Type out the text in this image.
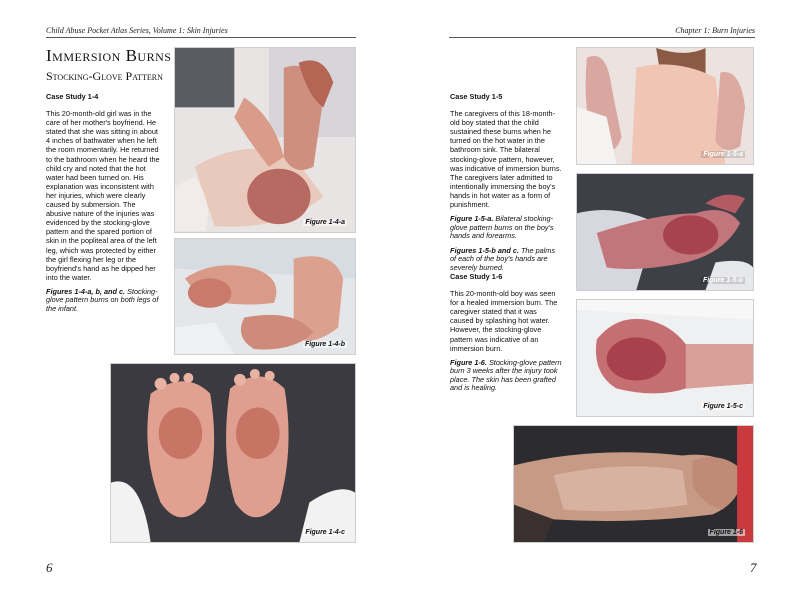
Child Abuse Pocket Atlas Series, Volume 1: Skin Injuries
Immersion Burns
Stocking-Glove Pattern
Case Study 1-4

This 20-month-old girl was in the care of her mother's boyfriend. He stated that she was sitting in about 4 inches of bathwater when he left the room momentarily. He returned to the bathroom when he heard the child cry and noted that the hot water had been turned on. His explanation was inconsistent with her injuries, which were clearly caused by submersion. The abusive nature of the injuries was evidenced by the stocking-glove pattern and the spared portion of skin in the popliteal area of the left leg, which was protected by either the girl flexing her leg or the boyfriend's hand as he dipped her into the water.

Figures 1-4-a, b, and c. Stocking-glove pattern burns on both legs of the infant.
Figure 1-4-a
Figure 1-4-b
Figure 1-4-c
6
Chapter 1: Burn Injuries
Case Study 1-5

The caregivers of this 18-month-old boy stated that the child sustained these burns when he turned on the hot water in the bathroom sink. The bilateral stocking-glove pattern, however, was indicative of immersion burns. The caregivers later admitted to intentionally immersing the boy's hands in hot water as a form of punishment.

Figure 1-5-a. Bilateral stocking-glove pattern burns on the boy's hands and forearms.
Figures 1-5-b and c. The palms of each of the boy's hands are severely burned.
Case Study 1-6

This 20-month-old boy was seen for a healed immersion burn. The caregiver stated that it was caused by splashing hot water. However, the stocking-glove pattern was indicative of an immersion burn.

Figure 1-6. Stocking-glove pattern burn 3 weeks after the injury took place. The skin has been grafted and is healing.
Figure 1-5-a
Figure 1-5-b
Figure 1-5-c
Figure 1-6
7
